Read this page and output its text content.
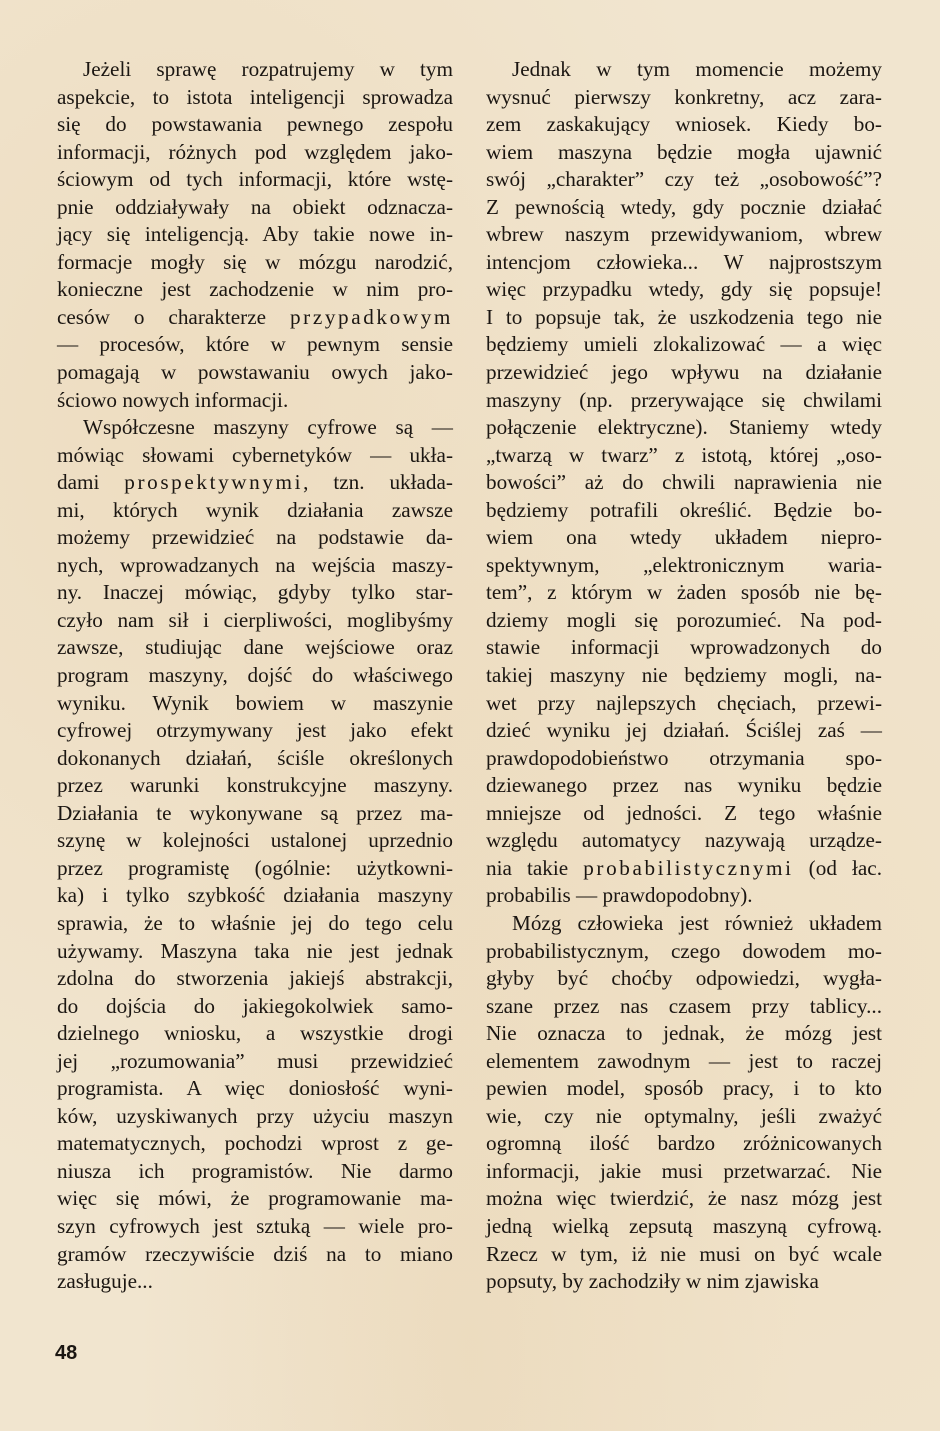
Jeżeli sprawę rozpatrujemy w tym
aspekcie, to istota inteligencji sprowadza
się do powstawania pewnego zespołu
informacji, różnych pod względem jako-
ściowym od tych informacji, które wstę-
pnie oddziaływały na obiekt odznacza-
jący się inteligencją. Aby takie nowe in-
formacje mogły się w mózgu narodzić,
konieczne jest zachodzenie w nim pro-
cesów o charakterze przypadkowym
— procesów, które w pewnym sensie
pomagają w powstawaniu owych jako-
ściowo nowych informacji.
Współczesne maszyny cyfrowe są —
mówiąc słowami cybernetyków — ukła-
dami prospektywnymi, tzn. układa-
mi, których wynik działania zawsze
możemy przewidzieć na podstawie da-
nych, wprowadzanych na wejścia maszy-
ny. Inaczej mówiąc, gdyby tylko star-
czyło nam sił i cierpliwości, moglibyśmy
zawsze, studiując dane wejściowe oraz
program maszyny, dojść do właściwego
wyniku. Wynik bowiem w maszynie
cyfrowej otrzymywany jest jako efekt
dokonanych działań, ściśle określonych
przez warunki konstrukcyjne maszyny.
Działania te wykonywane są przez ma-
szynę w kolejności ustalonej uprzednio
przez programistę (ogólnie: użytkowni-
ka) i tylko szybkość działania maszyny
sprawia, że to właśnie jej do tego celu
używamy. Maszyna taka nie jest jednak
zdolna do stworzenia jakiejś abstrakcji,
do dojścia do jakiegokolwiek samo-
dzielnego wniosku, a wszystkie drogi
jej „rozumowania” musi przewidzieć
programista. A więc doniosłość wyni-
ków, uzyskiwanych przy użyciu maszyn
matematycznych, pochodzi wprost z ge-
niusza ich programistów. Nie darmo
więc się mówi, że programowanie ma-
szyn cyfrowych jest sztuką — wiele pro-
gramów rzeczywiście dziś na to miano
zasługuje...
Jednak w tym momencie możemy
wysnuć pierwszy konkretny, acz zara-
zem zaskakujący wniosek. Kiedy bo-
wiem maszyna będzie mogła ujawnić
swój „charakter” czy też „osobowość”?
Z pewnością wtedy, gdy pocznie działać
wbrew naszym przewidywaniom, wbrew
intencjom człowieka... W najprostszym
więc przypadku wtedy, gdy się popsuje!
I to popsuje tak, że uszkodzenia tego nie
będziemy umieli zlokalizować — a więc
przewidzieć jego wpływu na działanie
maszyny (np. przerywające się chwilami
połączenie elektryczne). Staniemy wtedy
„twarzą w twarz” z istotą, której „oso-
bowości” aż do chwili naprawienia nie
będziemy potrafili określić. Będzie bo-
wiem ona wtedy układem niepro-
spektywnym, „elektronicznym waria-
tem”, z którym w żaden sposób nie bę-
dziemy mogli się porozumieć. Na pod-
stawie informacji wprowadzonych do
takiej maszyny nie będziemy mogli, na-
wet przy najlepszych chęciach, przewi-
dzieć wyniku jej działań. Ściślej zaś —
prawdopodobieństwo otrzymania spo-
dziewanego przez nas wyniku będzie
mniejsze od jedności. Z tego właśnie
względu automatycy nazywają urządze-
nia takie probabilistycznymi (od łac.
probabilis — prawdopodobny).
Mózg człowieka jest również układem
probabilistycznym, czego dowodem mo-
głyby być choćby odpowiedzi, wygła-
szane przez nas czasem przy tablicy...
Nie oznacza to jednak, że mózg jest
elementem zawodnym — jest to raczej
pewien model, sposób pracy, i to kto
wie, czy nie optymalny, jeśli zważyć
ogromną ilość bardzo zróżnicowanych
informacji, jakie musi przetwarzać. Nie
można więc twierdzić, że nasz mózg jest
jedną wielką zepsutą maszyną cyfrową.
Rzecz w tym, iż nie musi on być wcale
popsuty, by zachodziły w nim zjawiska
48
